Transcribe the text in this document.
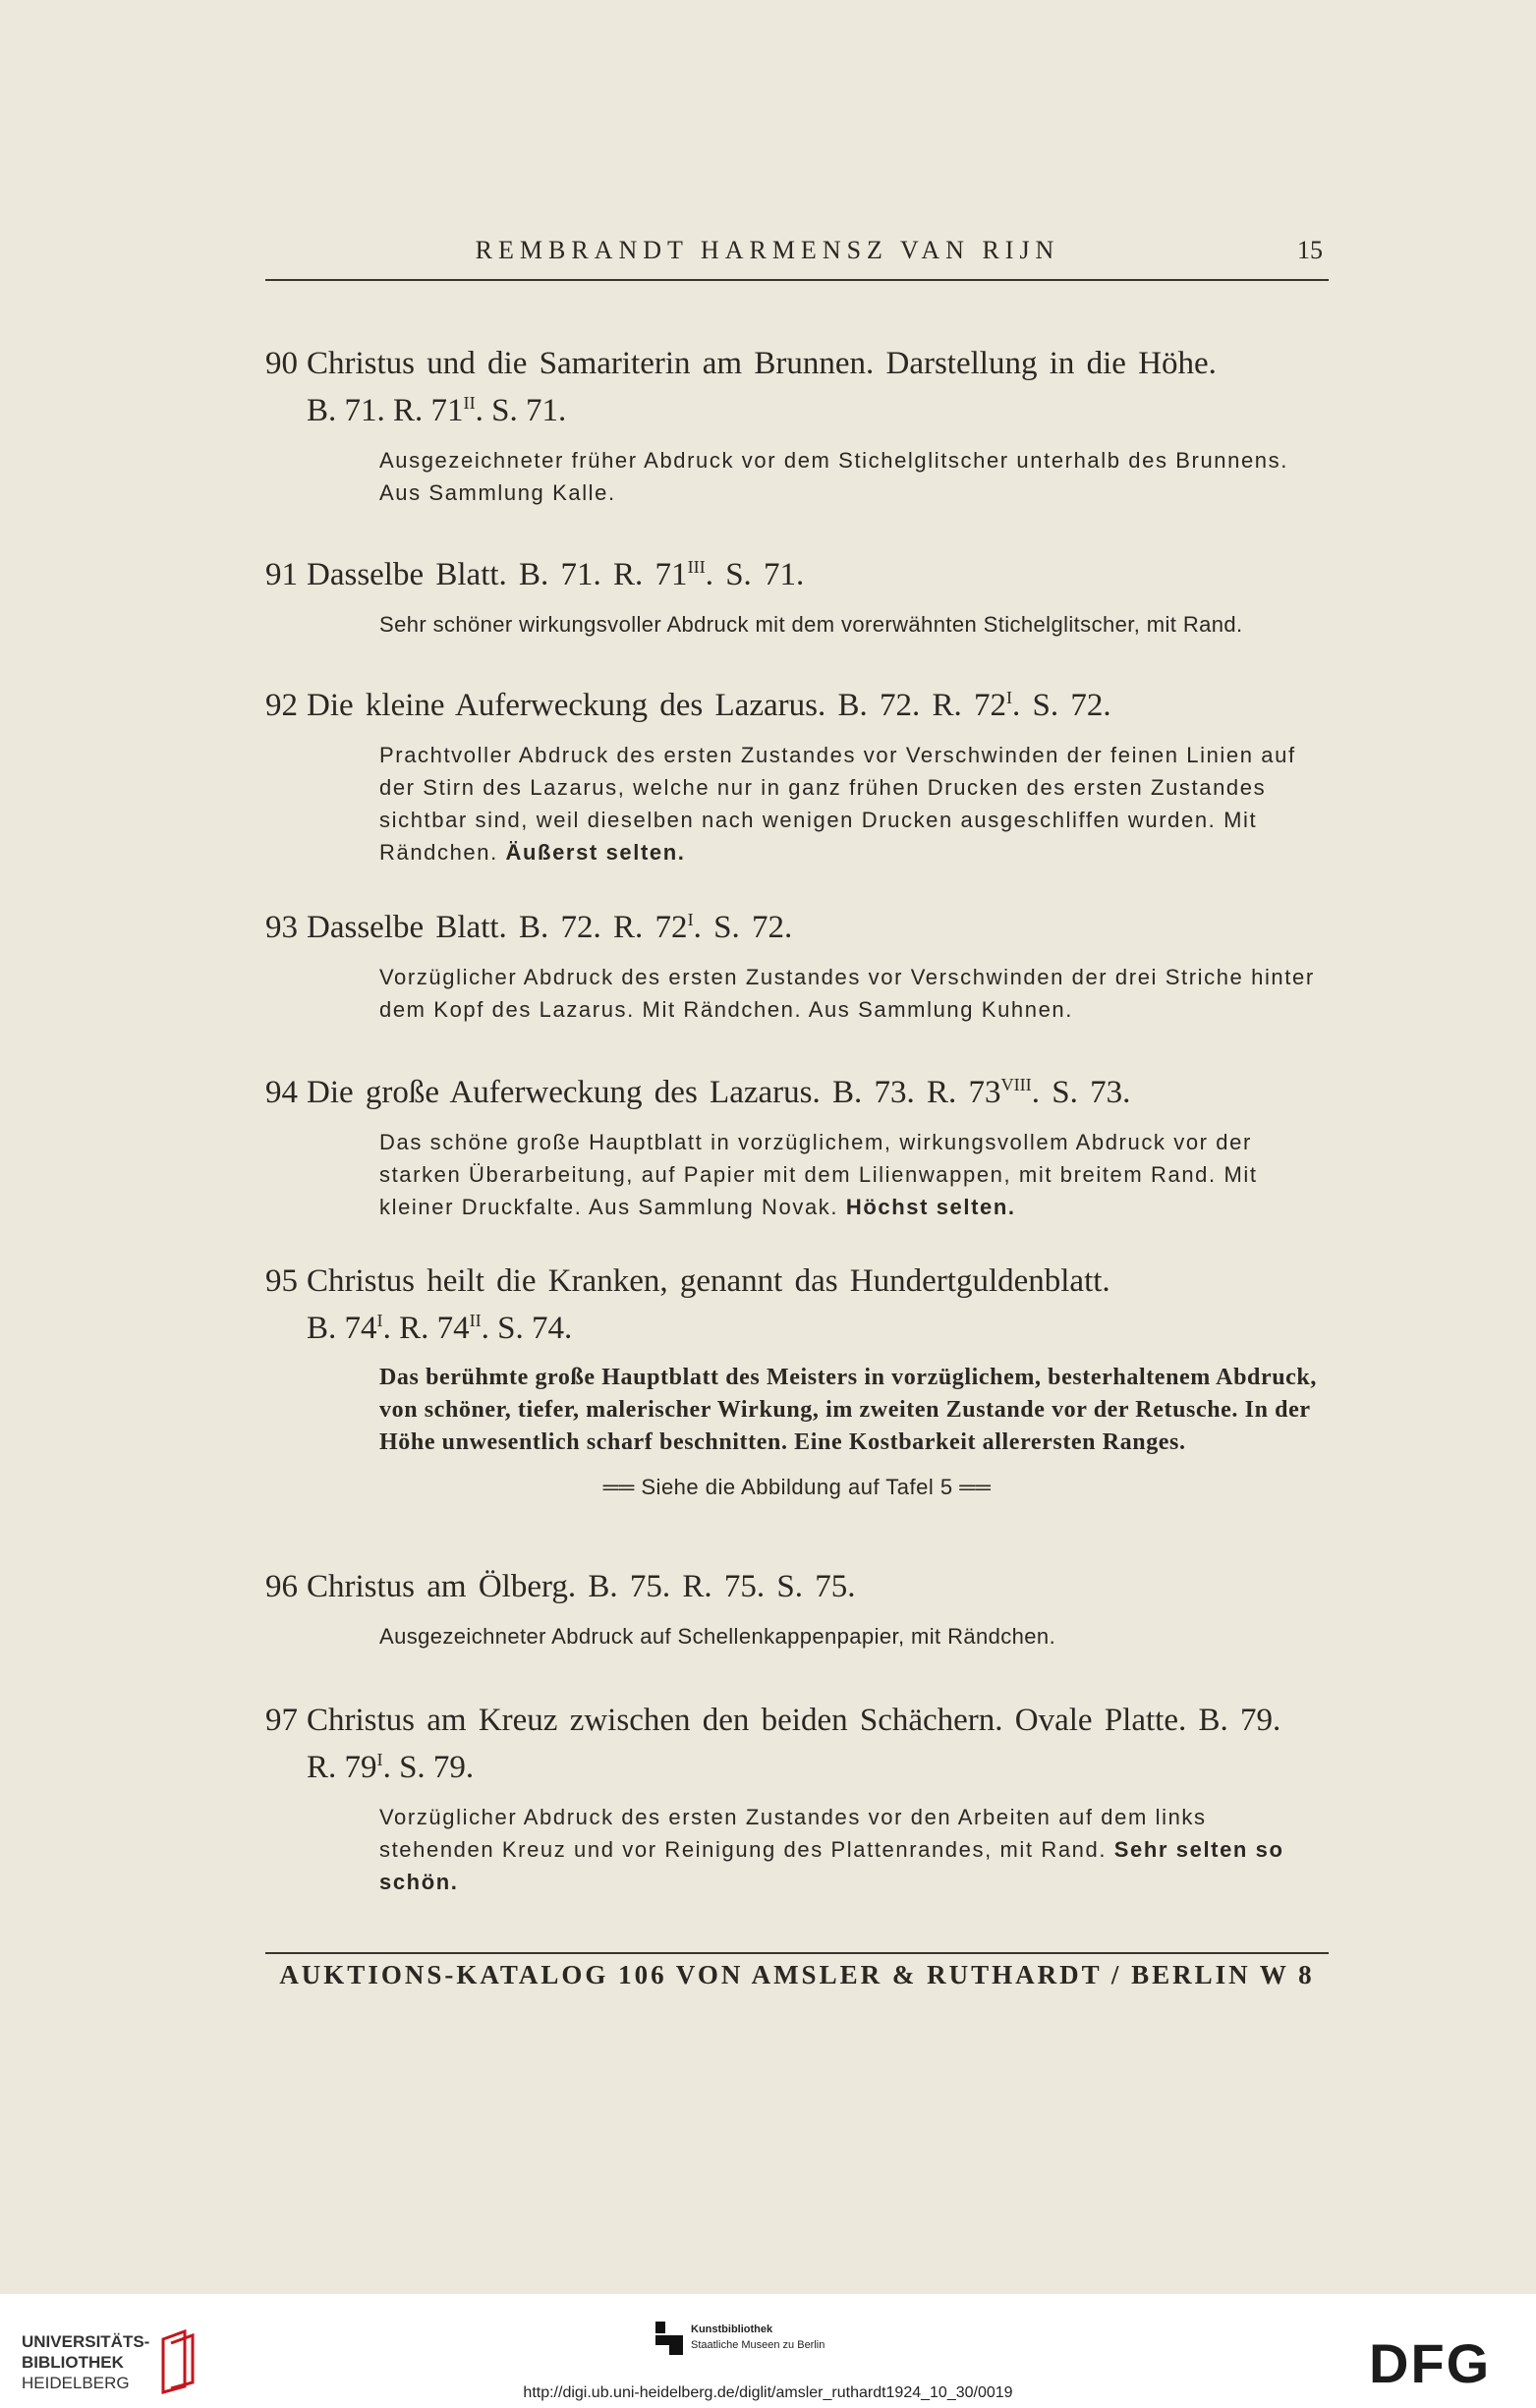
REMBRANDT HARMENSZ VAN RIJN	15
90 Christus und die Samariterin am Brunnen. Darstellung in die Höhe.
B. 71. R. $71^{II}$. S. 71.
Ausgezeichneter früher Abdruck vor dem Stichelglitscher unterhalb des Brunnens. Aus Sammlung Kalle.
91 Dasselbe Blatt. B. 71. R. $71^{III}$. S. 71.
Sehr schöner wirkungsvoller Abdruck mit dem vorerwähnten Stichelglitscher, mit Rand.
92 Die kleine Auferweckung des Lazarus. B. 72. R. $72^I$. S. 72.
Prachtvoller Abdruck des ersten Zustandes vor Verschwinden der feinen Linien auf der Stirn des Lazarus, welche nur in ganz frühen Drucken des ersten Zustandes sichtbar sind, weil dieselben nach wenigen Drucken ausgeschliffen wurden. Mit Rändchen. Äußerst selten.
93 Dasselbe Blatt. B. 72. R. $72^I$. S. 72.
Vorzüglicher Abdruck des ersten Zustandes vor Verschwinden der drei Striche hinter dem Kopf des Lazarus. Mit Rändchen. Aus Sammlung Kuhnen.
94 Die große Auferweckung des Lazarus. B. 73. R. $73^{VIII}$. S. 73.
Das schöne große Hauptblatt in vorzüglichem, wirkungsvollem Abdruck vor der starken Überarbeitung, auf Papier mit dem Lilienwappen, mit breitem Rand. Mit kleiner Druckfalte. Aus Sammlung Novak. Höchst selten.
95 Christus heilt die Kranken, genannt das Hundertguldenblatt.
B. $74^I$. R. $74^{II}$. S. 74.
Das berühmte große Hauptblatt des Meisters in vorzüglichem, besterhaltenem Abdruck, von schöner, tiefer, malerischer Wirkung, im zweiten Zustande vor der Retusche. In der Höhe unwesentlich scharf beschnitten. Eine Kostbarkeit allerersten Ranges.
══ Siehe die Abbildung auf Tafel 5 ══
96 Christus am Ölberg. B. 75. R. 75. S. 75.
Ausgezeichneter Abdruck auf Schellenkappenpapier, mit Rändchen.
97 Christus am Kreuz zwischen den beiden Schächern. Ovale Platte. B. 79.
R. $79^I$. S. 79.
Vorzüglicher Abdruck des ersten Zustandes vor den Arbeiten auf dem links stehenden Kreuz und vor Reinigung des Plattenrandes, mit Rand. Sehr selten so schön.
AUKTIONS-KATALOG 106 VON AMSLER & RUTHARDT / BERLIN W 8
UNIVERSITÄTS-
BIBLIOTHEK
HEIDELBERG
Kunstbibliothek
Staatliche Museen zu Berlin	DFG
http://digi.ub.uni-heidelberg.de/diglit/amsler_ruthardt1924_10_30/0019
